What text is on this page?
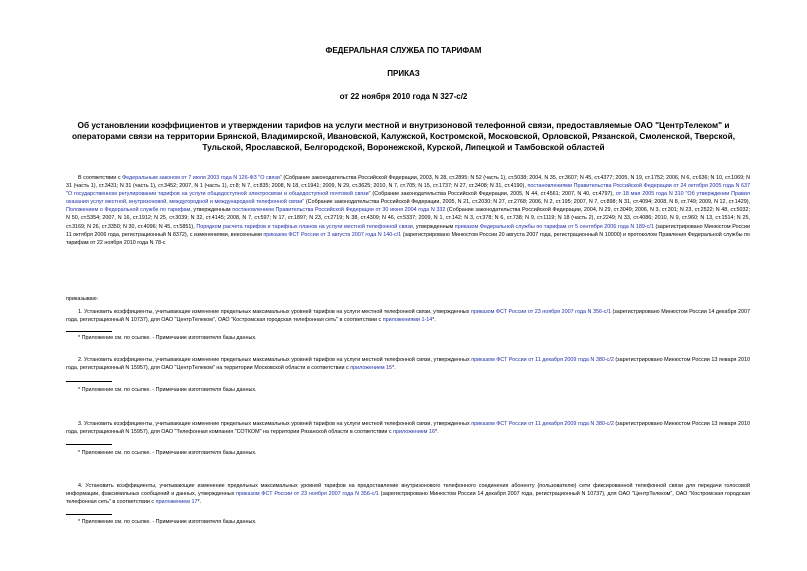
ФЕДЕРАЛЬНАЯ СЛУЖБА ПО ТАРИФАМ
ПРИКАЗ
от 22 ноября 2010 года N 327-с/2
Об установлении коэффициентов и утверждении тарифов на услуги местной и внутризоновой телефонной связи, предоставляемые ОАО "ЦентрТелеком" и операторами связи на территории Брянской, Владимирской, Ивановской, Калужской, Костромской, Московской, Орловской, Рязанской, Смоленской, Тверской, Тульской, Ярославской, Белгородской, Воронежской, Курской, Липецкой и Тамбовской областей
В соответствии с Федеральным законом от 7 июля 2003 года N 126-ФЗ "О связи" (Собрание законодательства Российской Федерации, 2003, N 28, ст.2895; N 52 (часть 1), ст.5038; 2004, N 35, ст.3607; N 45, ст.4377; 2005, N 19, ст.1752; 2006, N 6, ст.636; N 10, ст.1069; N 31 (часть 1), ст.3431; N 31 (часть 1), ст.3452; 2007, N 1 (часть 1), ст.8; N 7, ст.835; 2008, N 18, ст.1941; 2009, N 29, ст.3625; 2010, N 7, ст.705; N 15, ст.1737; N 27, ст.3408; N 31, ст.4190), постановлениями Правительства Российской Федерации от 24 октября 2005 года N 637 "О государственном регулировании тарифов на услуги общедоступной электросвязи и общедоступной почтовой связи" (Собрание законодательства Российской Федерации, 2005, N 44, ст.4561; 2007, N 40, ст.4797), от 18 мая 2005 года N 310 "Об утверждении Правил оказания услуг местной, внутризоновой, междугородной и международной телефонной связи" (Собрание законодательства Российской Федерации, 2005, N 21, ст.2030; N 27, ст.2768; 2006, N 2, ст.195; 2007, N 7, ст.898; N 31, ст.4094; 2008, N 8, ст.749; 2009, N 12, ст.1429), Положением о Федеральной службе по тарифам, утвержденным постановлением Правительства Российской Федерации от 30 июня 2004 года N 332 (Собрание законодательства Российской Федерации, 2004, N 29, ст.3049; 2006, N 3, ст.301; N 23, ст.2522; N 48, ст.5032; N 50, ст.5354; 2007, N 16, ст.1912; N 25, ст.3039; N 32, ст.4145; 2008, N 7, ст.597; N 17, ст.1897; N 23, ст.2719; N 38, ст.4309; N 46, ст.5337; 2009, N 1, ст.142; N 3, ст.378; N 6, ст.738; N 9, ст.1119; N 18 (часть 2), ст.2249; N 33, ст.4086; 2010, N 9, ст.960; N 13, ст.1514; N 25, ст.3169; N 26, ст.3350; N 30, ст.4096; N 45, ст.5851), Порядком расчета тарифов и тарифных планов на услуги местной телефонной связи, утвержденным приказом Федеральной службы по тарифам от 5 сентября 2006 года N 189-с/1 (зарегистрировано Минюстом России 11 октября 2006 года, регистрационный N 8372), с изменениями, внесенными приказом ФСТ России от 3 августа 2007 года N 140-с/1 (зарегистрировано Минюстом России 20 августа 2007 года, регистрационный N 10000) и протоколом Правления Федеральной службы по тарифам от 22 ноября 2010 года N 78-с
приказываю:
1. Установить коэффициенты, учитывающие изменение предельных максимальных уровней тарифов на услуги местной телефонной связи, утвержденных приказом ФСТ России от 23 ноября 2007 года N 356-с/1 (зарегистрировано Минюстом России 14 декабря 2007 года, регистрационный N 10737), для ОАО "ЦентрТелеком", ОАО "Костромская городская телефонная сеть" в соответствии с приложениями 1-14*.
* Приложение см. по ссылке. - Примечание изготовителя базы данных.
2. Установить коэффициенты, учитывающие изменение предельных максимальных уровней тарифов на услуги местной телефонной связи, утвержденных приказом ФСТ России от 11 декабря 2009 года N 380-с/2 (зарегистрировано Минюстом России 13 января 2010 года, регистрационный N 15957), для ОАО "ЦентрТелеком" на территории Московской области в соответствии с приложением 15*.
* Приложение см. по ссылке. - Примечание изготовителя базы данных.
3. Установить коэффициенты, учитывающие изменение предельных максимальных уровней тарифов на услуги местной телефонной связи, утвержденных приказом ФСТ России от 11 декабря 2009 года N 380-с/2 (зарегистрировано Минюстом России 13 января 2010 года, регистрационный N 15957), для ОАО "Телефонная компания "СОТКОМ" на территории Рязанской области в соответствии с приложением 16*.
* Приложение см. по ссылке. - Примечание изготовителя базы данных.
4. Установить коэффициенты, учитывающие изменение предельных максимальных уровней тарифов на предоставление внутризонового телефонного соединения абоненту (пользователю) сети фиксированной телефонной связи для передачи голосовой информации, факсимильных сообщений и данных, утвержденных приказом ФСТ России от 23 ноября 2007 года N 356-с/1 (зарегистрировано Минюстом России 14 декабря 2007 года, регистрационный N 10737), для ОАО "ЦентрТелеком", ОАО "Костромская городская телефонная сеть" в соответствии с приложением 17*.
* Приложение см. по ссылке. - Примечание изготовителя базы данных.
